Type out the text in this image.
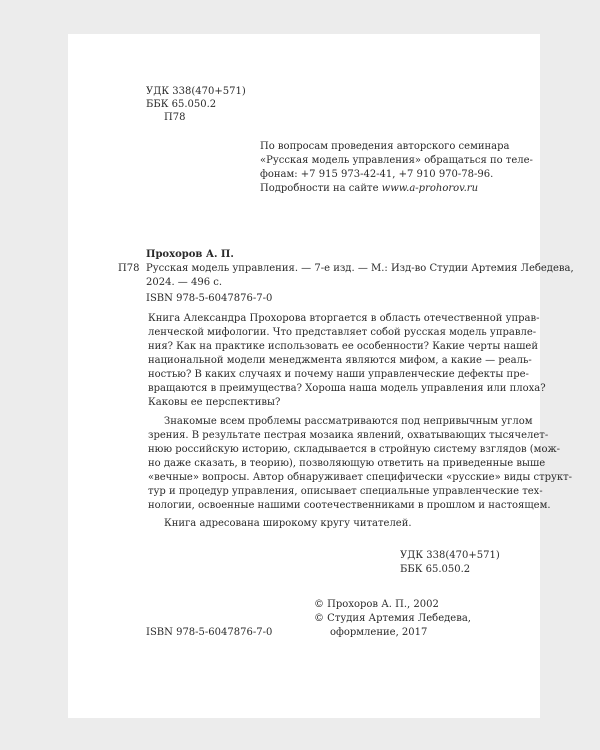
УДК 338(470+571)
ББК 65.050.2
П78
По вопросам проведения авторского семинара
«Русская модель управления» обращаться по теле-
фонам: +7 915 973-42-41, +7 910 970-78-96.
Подробности на сайте www.a-prohorov.ru
Прохоров А. П.
П78 Русская модель управления. — 7-е изд. — М.: Изд-во Студии Артемия Лебедева,
2024. — 496 с.
ISBN 978-5-6047876-7-0
Книга Александра Прохорова вторгается в область отечественной управ-
ленческой мифологии. Что представляет собой русская модель управле-
ния? Как на практике использовать ее особенности? Какие черты нашей
национальной модели менеджмента являются мифом, а какие — реаль-
ностью? В каких случаях и почему наши управленческие дефекты пре-
вращаются в преимущества? Хороша наша модель управления или плоха?
Каковы ее перспективы?
Знакомые всем проблемы рассматриваются под непривычным углом
зрения. В результате пестрая мозаика явлений, охватывающих тысячелет-
нюю российскую историю, складывается в стройную систему взглядов (мож-
но даже сказать, в теорию), позволяющую ответить на приведенные выше
«вечные» вопросы. Автор обнаруживает специфически «русские» виды структ-
тур и процедур управления, описывает специальные управленческие тех-
нологии, освоенные нашими соотечественниками в прошлом и настоящем.
Книга адресована широкому кругу читателей.
УДК 338(470+571)
ББК 65.050.2
© Прохоров А. П., 2002
© Студия Артемия Лебедева,
оформление, 2017
ISBN 978-5-6047876-7-0
